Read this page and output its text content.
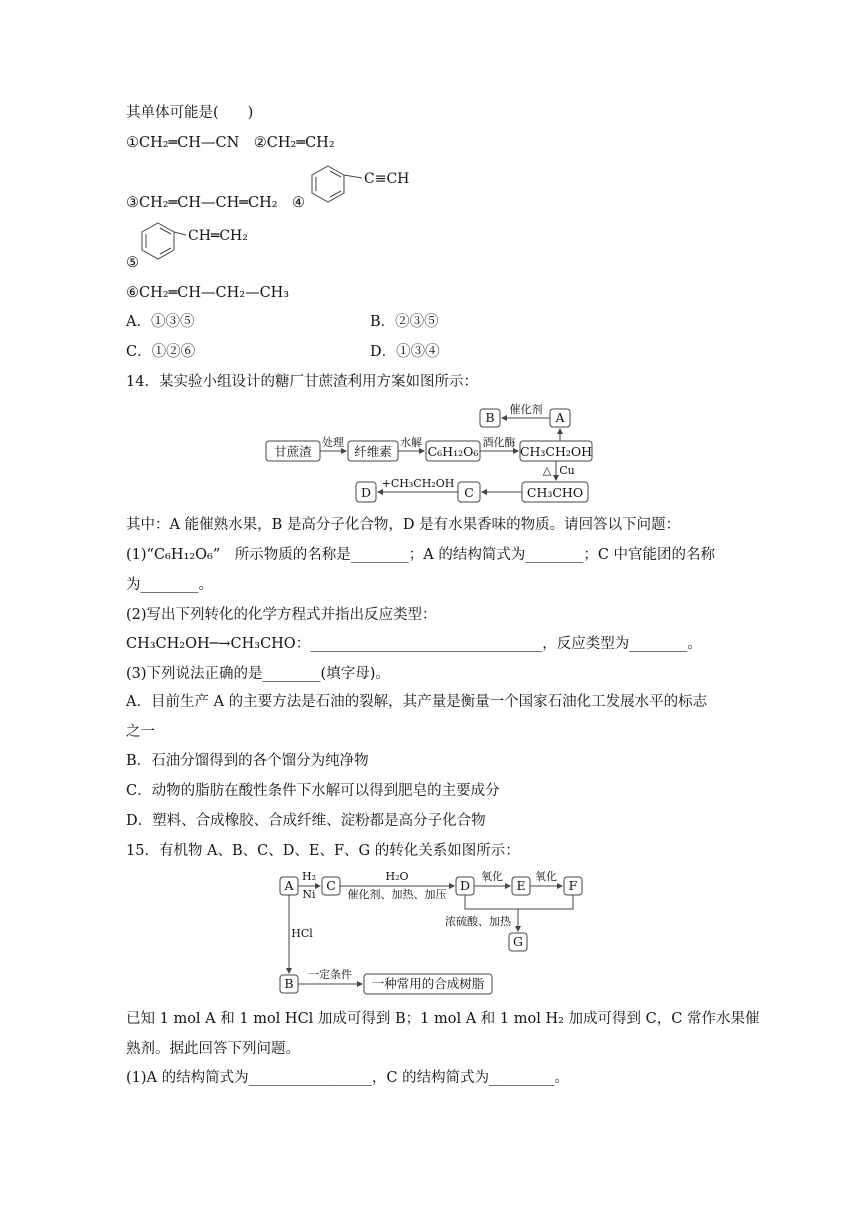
其单体可能是(　　)
①CH₂═CH—CN　②CH₂═CH₂
③CH₂═CH—CH═CH₂　④
C≡CH
CH═CH₂
⑤
⑥CH₂═CH—CH₂—CH₃
A．①③⑤	B．②③⑤
C．①②⑥	D．①③④
14．某实验小组设计的糖厂甘蔗渣利用方案如图所示：
B	A
催化剂
甘蔗渣
处理
纤维素
水解
C₆H₁₂O₆
酒化酶
CH₃CH₂OH
△ Cu
CH₃CHO
C
+CH₃CH₂OH
D
其中：A 能催熟水果，B 是高分子化合物，D 是有水果香味的物质。请回答以下问题：
(1)“C₆H₁₂O₆”　所示物质的名称是________；A 的结构简式为________；C 中官能团的名称
为________。
(2)写出下列转化的化学方程式并指出反应类型：
CH₃CH₂OH─→CH₃CHO：________________________________，反应类型为________。
(3)下列说法正确的是________(填字母)。
A．目前生产 A 的主要方法是石油的裂解，其产量是衡量一个国家石油化工发展水平的标志
之一
B．石油分馏得到的各个馏分为纯净物
C．动物的脂肪在酸性条件下水解可以得到肥皂的主要成分
D．塑料、合成橡胶、合成纤维、淀粉都是高分子化合物
15．有机物 A、B、C、D、E、F、G 的转化关系如图所示：
A
H₂
Ni
C
H₂O
催化剂、加热、加压
D
氧化
E
氧化
F
浓硫酸、加热
G
HCl
B
一定条件
一种常用的合成树脂
已知 1 mol A 和 1 mol HCl 加成可得到 B；1 mol A 和 1 mol H₂ 加成可得到 C，C 常作水果催
熟剂。据此回答下列问题。
(1)A 的结构简式为_________________，C 的结构简式为_________。
